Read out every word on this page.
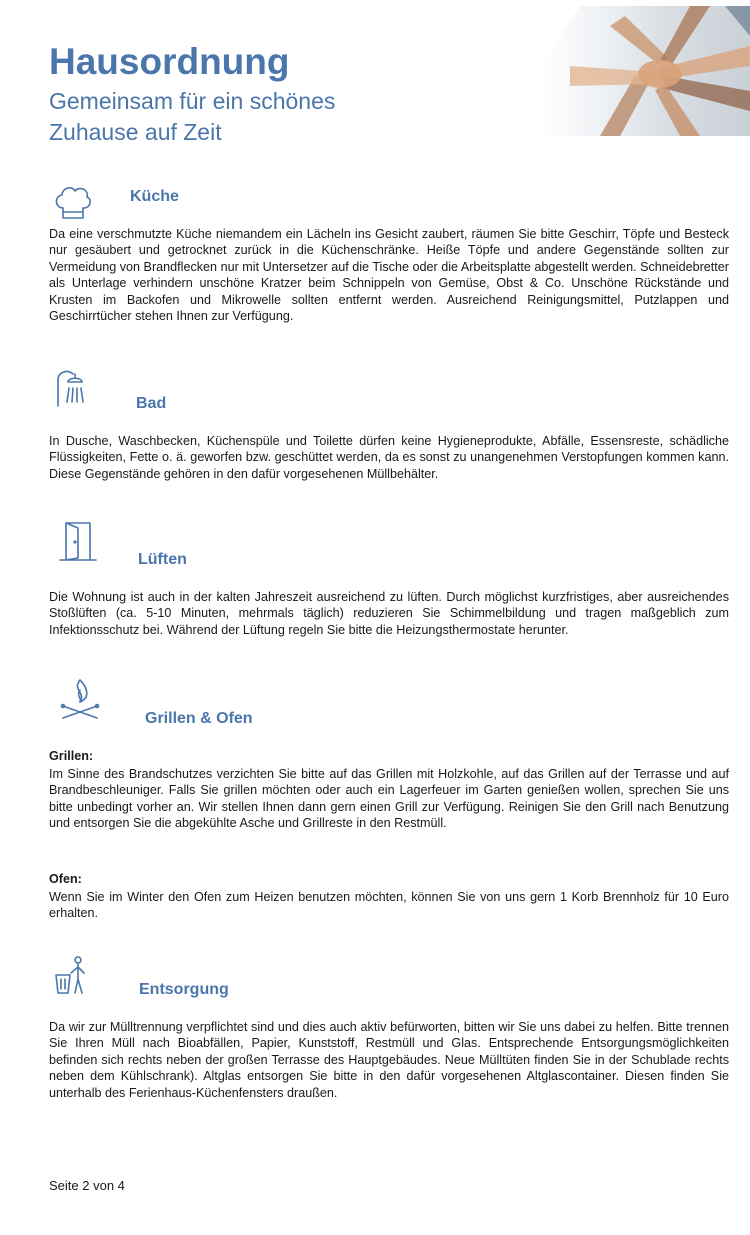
Hausordnung
Gemeinsam für ein schönes
Zuhause auf Zeit
Küche

Da eine verschmutzte Küche niemandem ein Lächeln ins Gesicht zaubert, räumen Sie bitte Geschirr, Töpfe und Besteck nur gesäubert und getrocknet zurück in die Küchenschränke. Heiße Töpfe und andere Gegenstände sollten zur Vermeidung von Brandflecken nur mit Untersetzer auf die Tische oder die Arbeitsplatte abgestellt werden. Schneidebretter als Unterlage verhindern unschöne Kratzer beim Schnippeln von Gemüse, Obst & Co. Unschöne Rückstände und Krusten im Backofen und Mikrowelle sollten entfernt werden. Ausreichend Reinigungsmittel, Putzlappen und Geschirrtücher stehen Ihnen zur Verfügung.

Bad

In Dusche, Waschbecken, Küchenspüle und Toilette dürfen keine Hygieneprodukte, Abfälle, Essensreste, schädliche Flüssigkeiten, Fette o. ä. geworfen bzw. geschüttet werden, da es sonst zu unangenehmen Verstopfungen kommen kann. Diese Gegenstände gehören in den dafür vorgesehenen Müllbehälter.

Lüften

Die Wohnung ist auch in der kalten Jahreszeit ausreichend zu lüften. Durch möglichst kurzfristiges, aber ausreichendes Stoßlüften (ca. 5-10 Minuten, mehrmals täglich) reduzieren Sie Schimmelbildung und tragen maßgeblich zum Infektionsschutz bei. Während der Lüftung regeln Sie bitte die Heizungsthermostate herunter.

Grillen & Ofen

Grillen:

Im Sinne des Brandschutzes verzichten Sie bitte auf das Grillen mit Holzkohle, auf das Grillen auf der Terrasse und auf Brandbeschleuniger. Falls Sie grillen möchten oder auch ein Lagerfeuer im Garten genießen wollen, sprechen Sie uns bitte unbedingt vorher an. Wir stellen Ihnen dann gern einen Grill zur Verfügung. Reinigen Sie den Grill nach Benutzung und entsorgen Sie die abgekühlte Asche und Grillreste in den Restmüll.

Ofen:

Wenn Sie im Winter den Ofen zum Heizen benutzen möchten, können Sie von uns gern 1 Korb Brennholz für 10 Euro erhalten.

Entsorgung

Da wir zur Mülltrennung verpflichtet sind und dies auch aktiv befürworten, bitten wir Sie uns dabei zu helfen. Bitte trennen Sie Ihren Müll nach Bioabfällen, Papier, Kunststoff, Restmüll und Glas. Entsprechende Entsorgungsmöglichkeiten befinden sich rechts neben der großen Terrasse des Hauptgebäudes. Neue Mülltüten finden Sie in der Schublade rechts neben dem Kühlschrank). Altglas entsorgen Sie bitte in den dafür vorgesehenen Altglascontainer. Diesen finden Sie unterhalb des Ferienhaus-Küchenfensters draußen.

Seite 2 von 4
